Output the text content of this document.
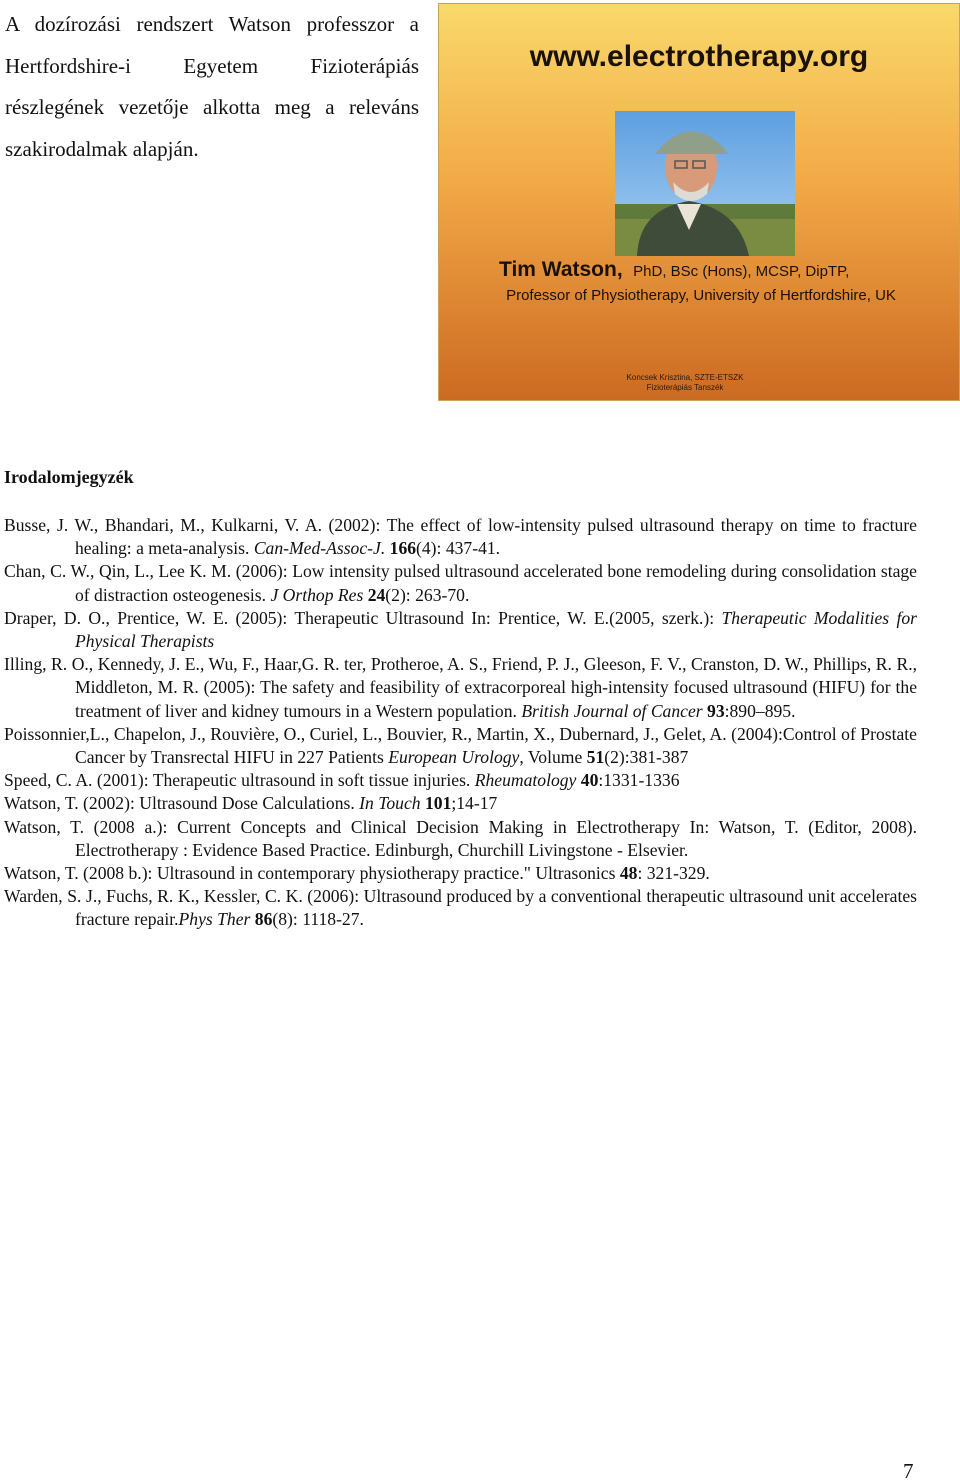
A dozírozási rendszert Watson professzor a Hertfordshire-i Egyetem Fizioterápiás részlegének vezetője alkotta meg a releváns szakirodalmak alapján.

www.electrotherapy.org
Tim Watson, PhD, BSc (Hons), MCSP, DipTP,
Professor of Physiotherapy, University of Hertfordshire, UK
Koncsek Krisztina, SZTE-ETSZK
Fizioterápiás Tanszék

Irodalomjegyzék

Busse, J. W., Bhandari, M., Kulkarni, V. A. (2002): The effect of low-intensity pulsed ultrasound therapy on time to fracture healing: a meta-analysis. Can-Med-Assoc-J. 166(4): 437-41.

Chan, C. W., Qin, L., Lee K. M. (2006): Low intensity pulsed ultrasound accelerated bone remodeling during consolidation stage of distraction osteogenesis. J Orthop Res 24(2): 263-70.

Draper, D. O., Prentice, W. E. (2005): Therapeutic Ultrasound In: Prentice, W. E.(2005, szerk.): Therapeutic Modalities for Physical Therapists

Illing, R. O., Kennedy, J. E., Wu, F., Haar,G. R. ter, Protheroe, A. S., Friend, P. J., Gleeson, F. V., Cranston, D. W., Phillips, R. R., Middleton, M. R. (2005): The safety and feasibility of extracorporeal high-intensity focused ultrasound (HIFU) for the treatment of liver and kidney tumours in a Western population. British Journal of Cancer 93:890–895.

Poissonnier,L., Chapelon, J., Rouvière, O., Curiel, L., Bouvier, R., Martin, X., Dubernard, J., Gelet, A. (2004):Control of Prostate Cancer by Transrectal HIFU in 227 Patients European Urology, Volume 51(2):381-387

Speed, C. A. (2001): Therapeutic ultrasound in soft tissue injuries. Rheumatology 40:1331-1336

Watson, T. (2002): Ultrasound Dose Calculations. In Touch 101;14-17

Watson, T. (2008 a.): Current Concepts and Clinical Decision Making in Electrotherapy In: Watson, T. (Editor, 2008). Electrotherapy : Evidence Based Practice. Edinburgh, Churchill Livingstone - Elsevier.

Watson, T. (2008 b.): Ultrasound in contemporary physiotherapy practice." Ultrasonics 48: 321-329.

Warden, S. J., Fuchs, R. K., Kessler, C. K. (2006): Ultrasound produced by a conventional therapeutic ultrasound unit accelerates fracture repair.Phys Ther 86(8): 1118-27.

7
